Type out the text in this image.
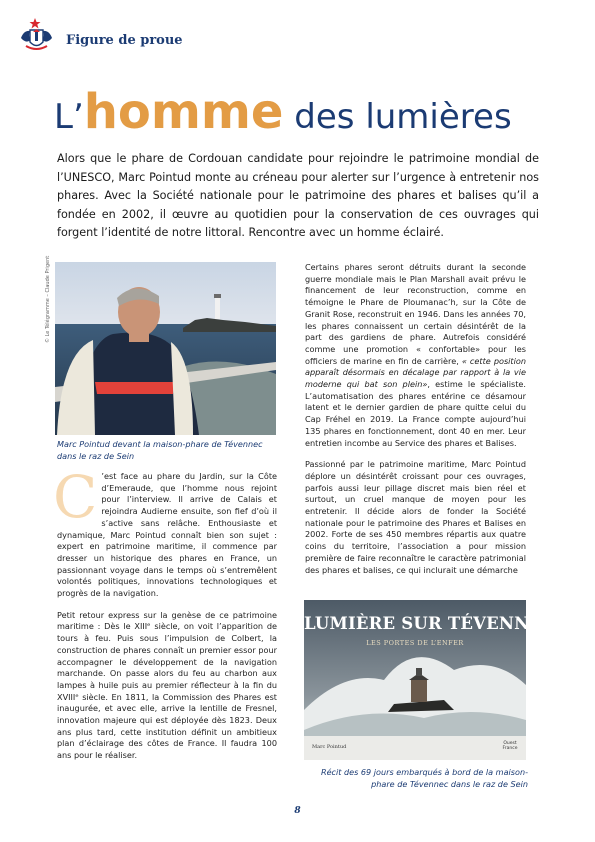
Figure de proue
L’homme des lumières

Alors que le phare de Cordouan candidate pour rejoindre le patrimoine mondial de l’UNESCO, Marc Pointud monte au créneau pour alerter sur l’urgence à entretenir nos phares. Avec la Société nationale pour le patrimoine des phares et balises qu’il a fondée en 2002, il œuvre au quotidien pour la conservation de ces ouvrages qui forgent l’identité de notre littoral. Rencontre avec un homme éclairé.

© Le Télégramme – Claude Prigent
Marc Pointud devant la maison-phare de Tévennec dans le raz de Sein

C ’est face au phare du Jardin, sur la Côte d’Emeraude, que l’homme nous rejoint pour l’interview. Il arrive de Calais et rejoindra Audierne ensuite, son fief d’où il s’active sans relâche. Enthousiaste et dynamique, Marc Pointud connaît bien son sujet : expert en patrimoine maritime, il commence par dresser un historique des phares en France, un passionnant voyage dans le temps où s’entremêlent volontés politiques, innovations technologiques et progrès de la navigation.

Petit retour express sur la genèse de ce patrimoine maritime : Dès le XIIIᵉ siècle, on voit l’apparition de tours à feu. Puis sous l’impulsion de Colbert, la construction de phares connaît un premier essor pour accompagner le développement de la navigation marchande. On passe alors du feu au charbon aux lampes à huile puis au premier réflecteur à la fin du XVIIIᵉ siècle. En 1811, la Commission des Phares est inaugurée, et avec elle, arrive la lentille de Fresnel, innovation majeure qui est déployée dès 1823. Deux ans plus tard, cette institution définit un ambitieux plan d’éclairage des côtes de France. Il faudra 100 ans pour le réaliser.

Certains phares seront détruits durant la seconde guerre mondiale mais le Plan Marshall avait prévu le financement de leur reconstruction, comme en témoigne le Phare de Ploumanac’h, sur la Côte de Granit Rose, reconstruit en 1946. Dans les années 70, les phares connaissent un certain désintérêt de la part des gardiens de phare. Autrefois considéré comme une promotion « confortable» pour les officiers de marine en fin de carrière, « cette position apparaît désormais en décalage par rapport à la vie moderne qui bat son plein», estime le spécialiste. L’automatisation des phares entérine ce désamour latent et le dernier gardien de phare quitte celui du Cap Fréhel en 2019. La France compte aujourd’hui 135 phares en fonctionnement, dont 40 en mer. Leur entretien incombe au Service des phares et Balises.

Passionné par le patrimoine maritime, Marc Pointud déplore un désintérêt croissant pour ces ouvrages, parfois aussi leur pillage discret mais bien réel et surtout, un cruel manque de moyen pour les entretenir. Il décide alors de fonder la Société nationale pour le patrimoine des Phares et Balises en 2002. Forte de ses 450 membres répartis aux quatre coins du territoire, l’association a pour mission première de faire reconnaître le caractère patrimonial des phares et balises, ce qui inclurait une démarche

LUMIÈRE SUR TÉVENNEC
LES PORTES DE L’ENFER
Marc Pointud
Ouest France
Récit des 69 jours embarqués à bord de la maison-phare de Tévennec dans le raz de Sein
8
